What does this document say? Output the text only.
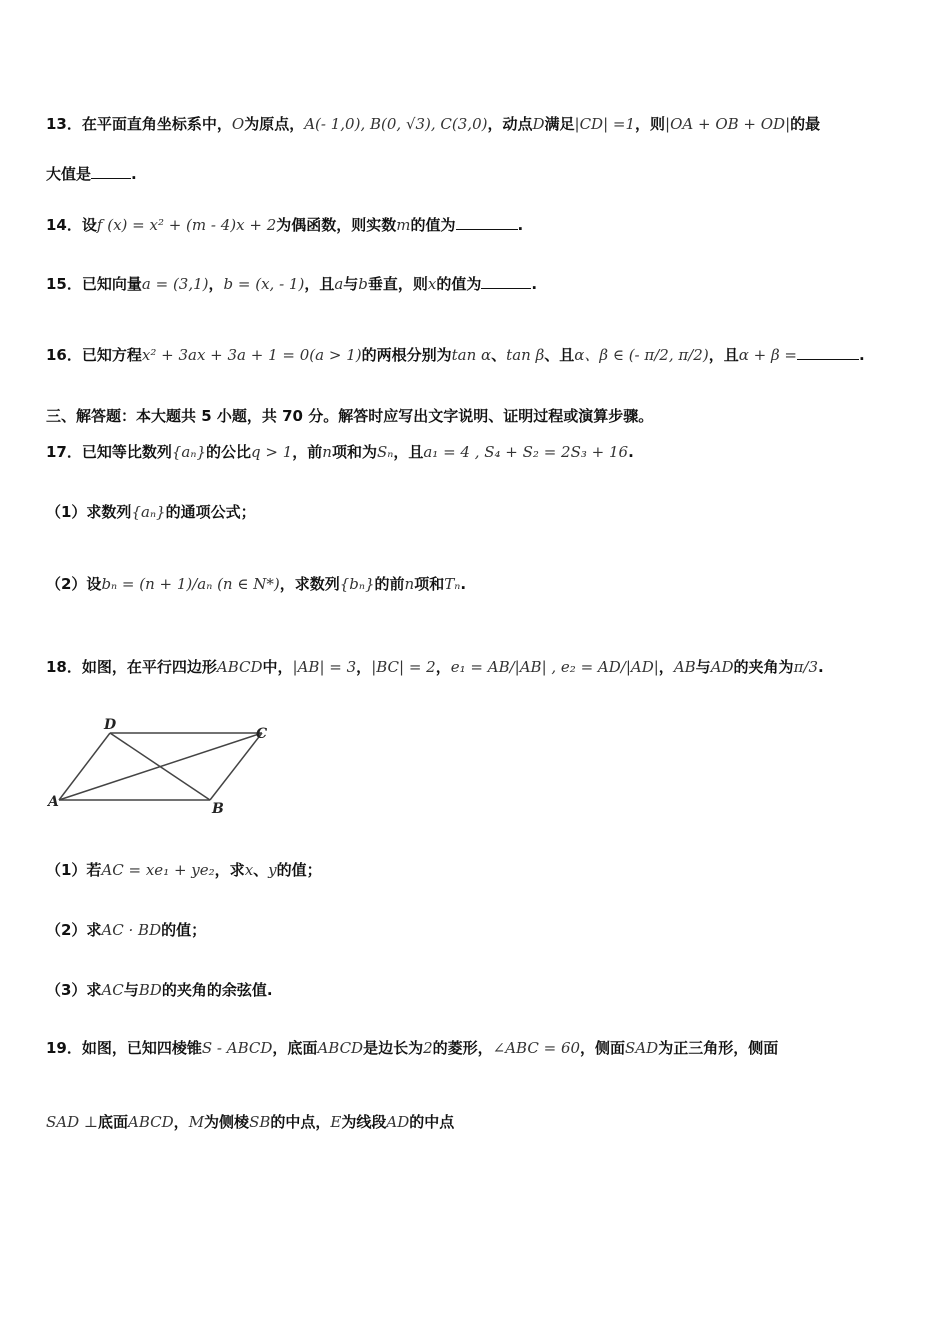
13．在平面直角坐标系中，O为原点，A(- 1,0), B(0, √3), C(3,0)，动点D满足|CD| =1，则|OA + OB + OD|的最
大值是	.
14．设f (x) = x² + (m - 4)x + 2为偶函数，则实数m的值为	.
15．已知向量a = (3,1)，b = (x, - 1)，且a与b垂直，则x的值为	.
16．已知方程x² + 3ax + 3a + 1 = 0(a > 1)的两根分别为tan α、tan β、且α、β ∈ (- π/2, π/2)，且α + β =	.
三、解答题：本大题共 5 小题，共 70 分。解答时应写出文字说明、证明过程或演算步骤。
17．已知等比数列{aₙ}的公比q > 1，前n项和为Sₙ，且a₁ = 4 , S₄ + S₂ = 2S₃ + 16.
（1）求数列{aₙ}的通项公式；
（2）设bₙ = (n + 1)/aₙ (n ∈ N*)，求数列{bₙ}的前n项和Tₙ.
18．如图，在平行四边形ABCD中，|AB| = 3，|BC| = 2，e₁ = AB/|AB| , e₂ = AD/|AD|，AB与AD的夹角为π/3.
D
C
A	B
（1）若AC = xe₁ + ye₂，求x、y的值；
（2）求AC · BD的值；
（3）求AC与BD的夹角的余弦值.
19．如图，已知四棱锥S - ABCD，底面ABCD是边长为2的菱形，∠ABC = 60，侧面SAD为正三角形，侧面
SAD ⊥底面ABCD，M为侧棱SB的中点，E为线段AD的中点
